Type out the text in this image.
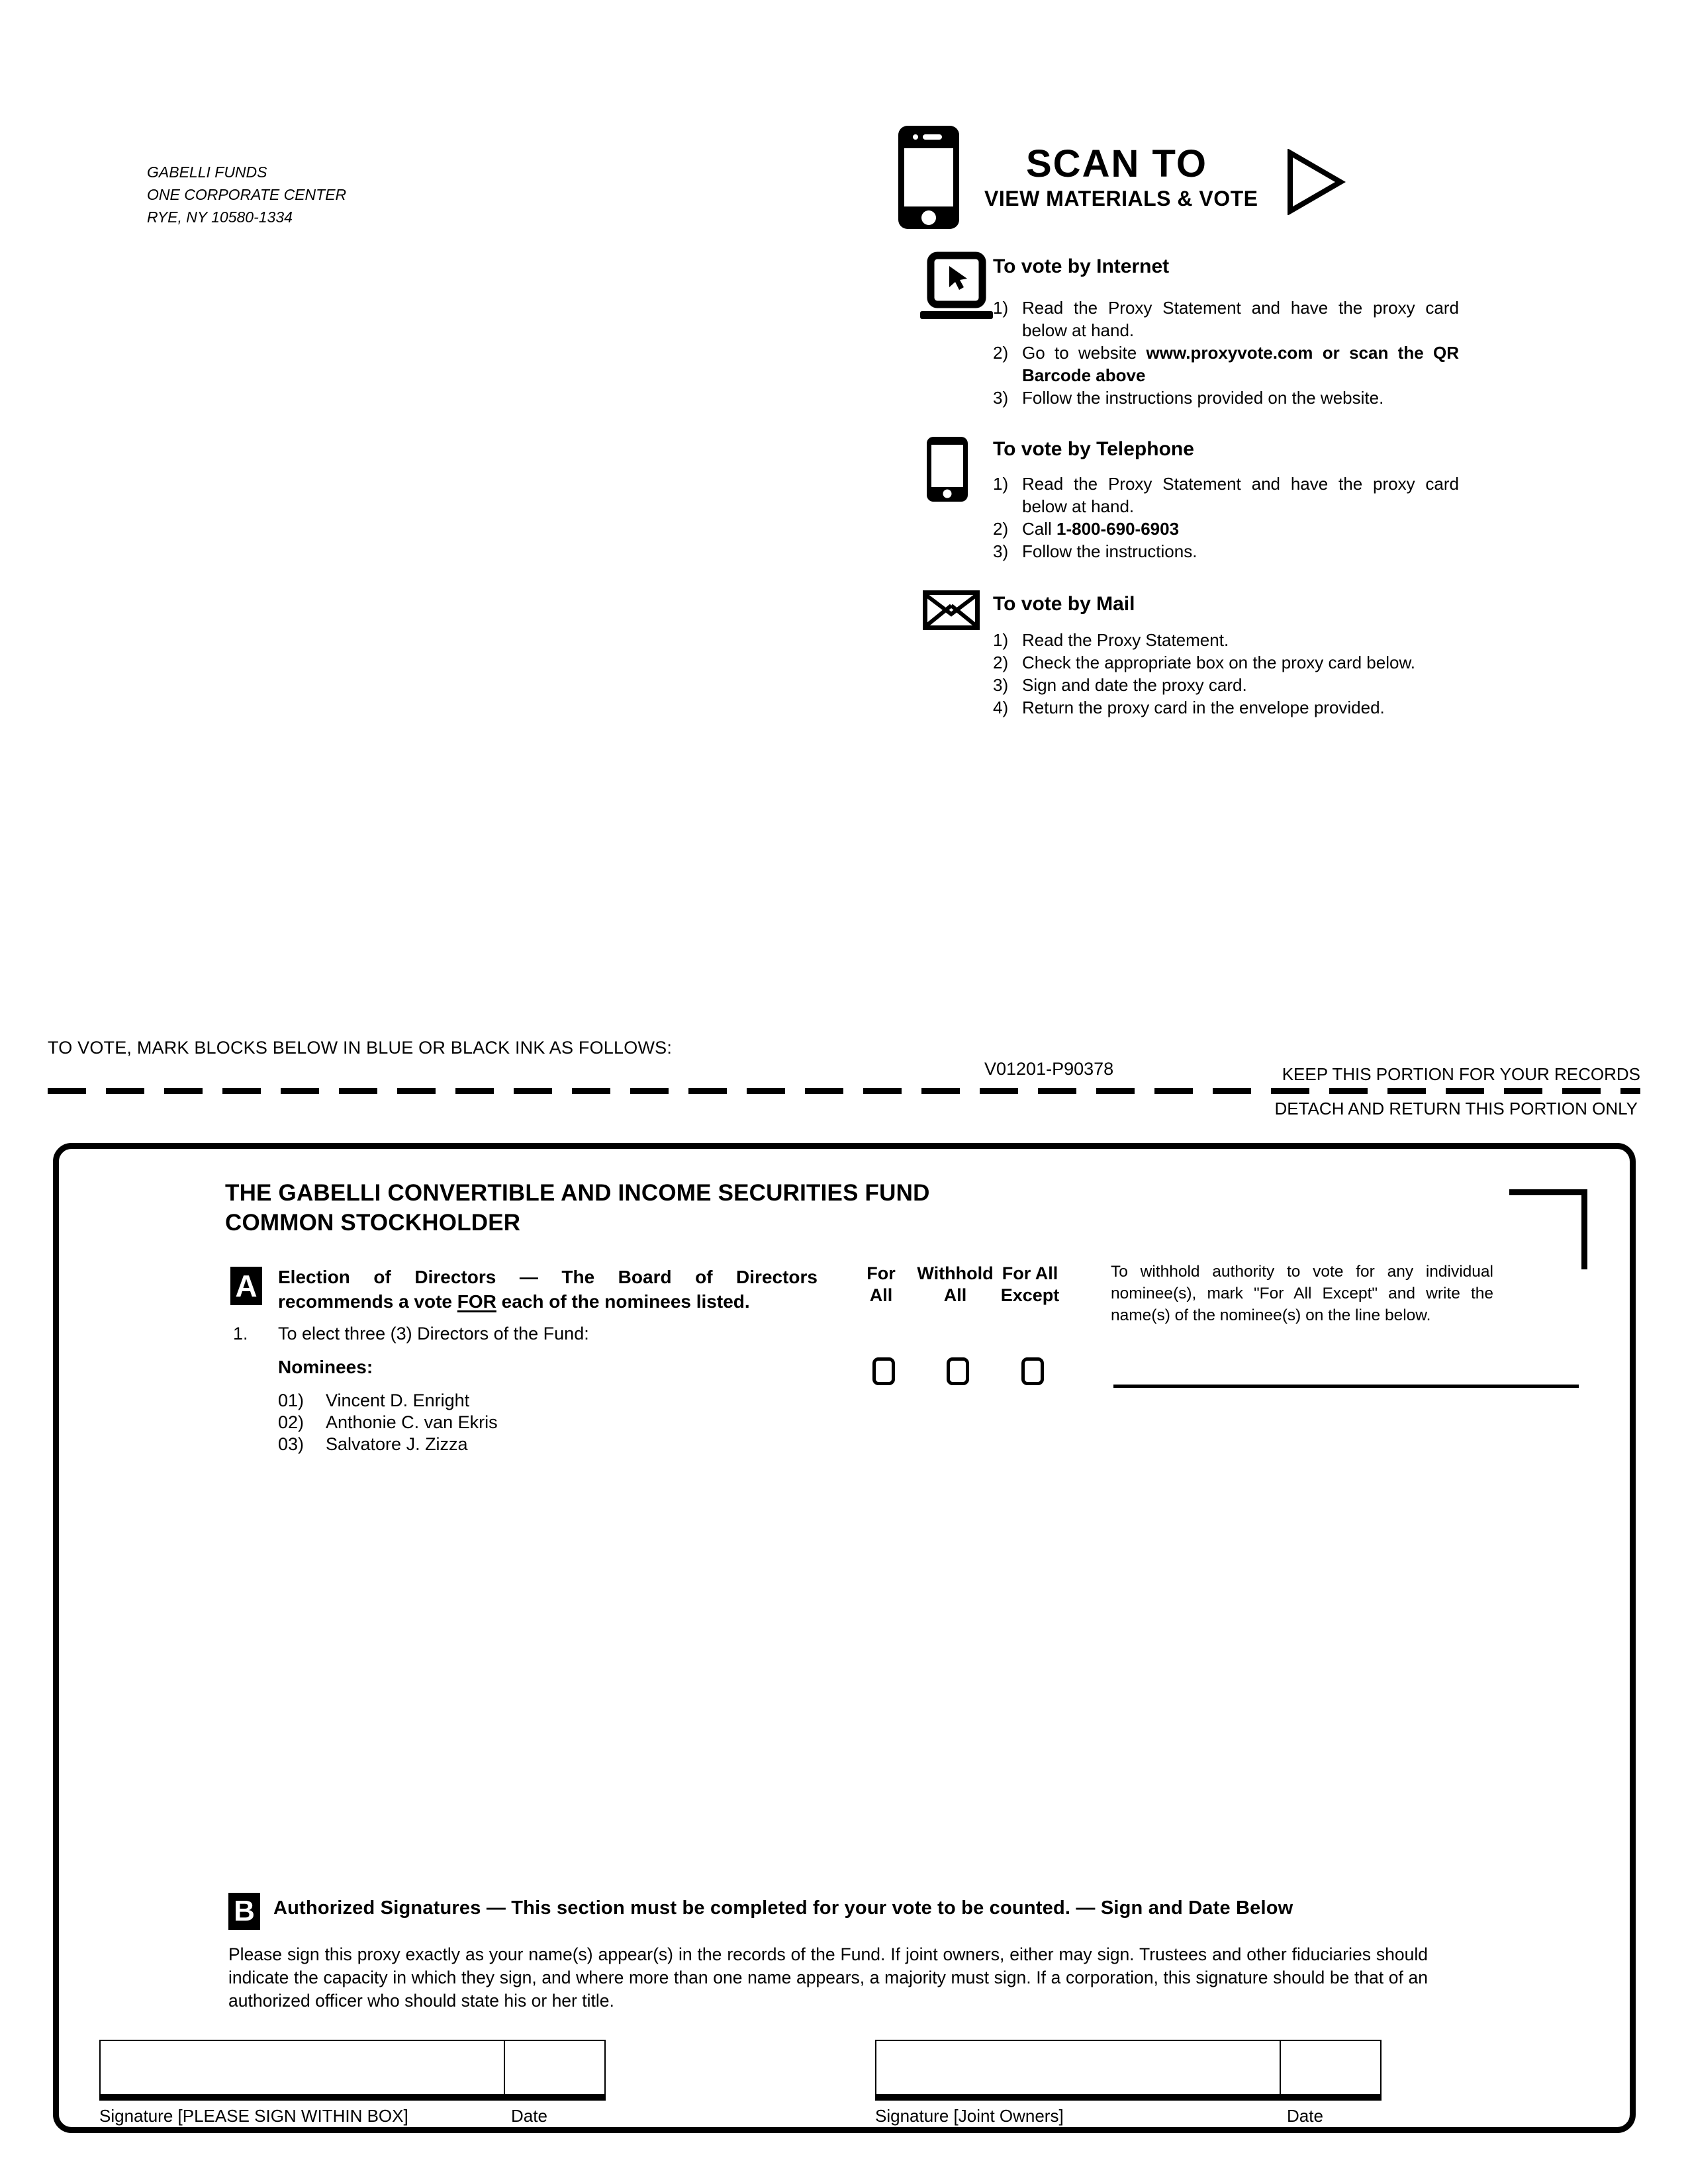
GABELLI FUNDS
ONE CORPORATE CENTER
RYE, NY 10580-1334
SCAN TO
VIEW MATERIALS & VOTE
To vote by Internet
1) Read the Proxy Statement and have the proxy card below at hand.
2) Go to website www.proxyvote.com or scan the QR Barcode above
3) Follow the instructions provided on the website.
To vote by Telephone
1) Read the Proxy Statement and have the proxy card below at hand.
2) Call 1-800-690-6903
3) Follow the instructions.
To vote by Mail
1) Read the Proxy Statement.
2) Check the appropriate box on the proxy card below.
3) Sign and date the proxy card.
4) Return the proxy card in the envelope provided.
TO VOTE, MARK BLOCKS BELOW IN BLUE OR BLACK INK AS FOLLOWS:
V01201-P90378	KEEP THIS PORTION FOR YOUR RECORDS
DETACH AND RETURN THIS PORTION ONLY
THE GABELLI CONVERTIBLE AND INCOME SECURITIES FUND
COMMON STOCKHOLDER
A Election of Directors — The Board of Directors
recommends a vote FOR each of the nominees listed.
For
All
Withhold
All
For All
Except
To withhold authority to vote for any individual nominee(s), mark "For All Except" and write the name(s) of the nominee(s) on the line below.
1. To elect three (3) Directors of the Fund:
Nominees:
01)	Vincent D. Enright
02)	Anthonie C. van Ekris
03)	Salvatore J. Zizza
B Authorized Signatures — This section must be completed for your vote to be counted. — Sign and Date Below
Please sign this proxy exactly as your name(s) appear(s) in the records of the Fund. If joint owners, either may sign. Trustees and other fiduciaries should indicate the capacity in which they sign, and where more than one name appears, a majority must sign. If a corporation, this signature should be that of an authorized officer who should state his or her title.
Signature [PLEASE SIGN WITHIN BOX]	Date	Signature [Joint Owners]	Date
